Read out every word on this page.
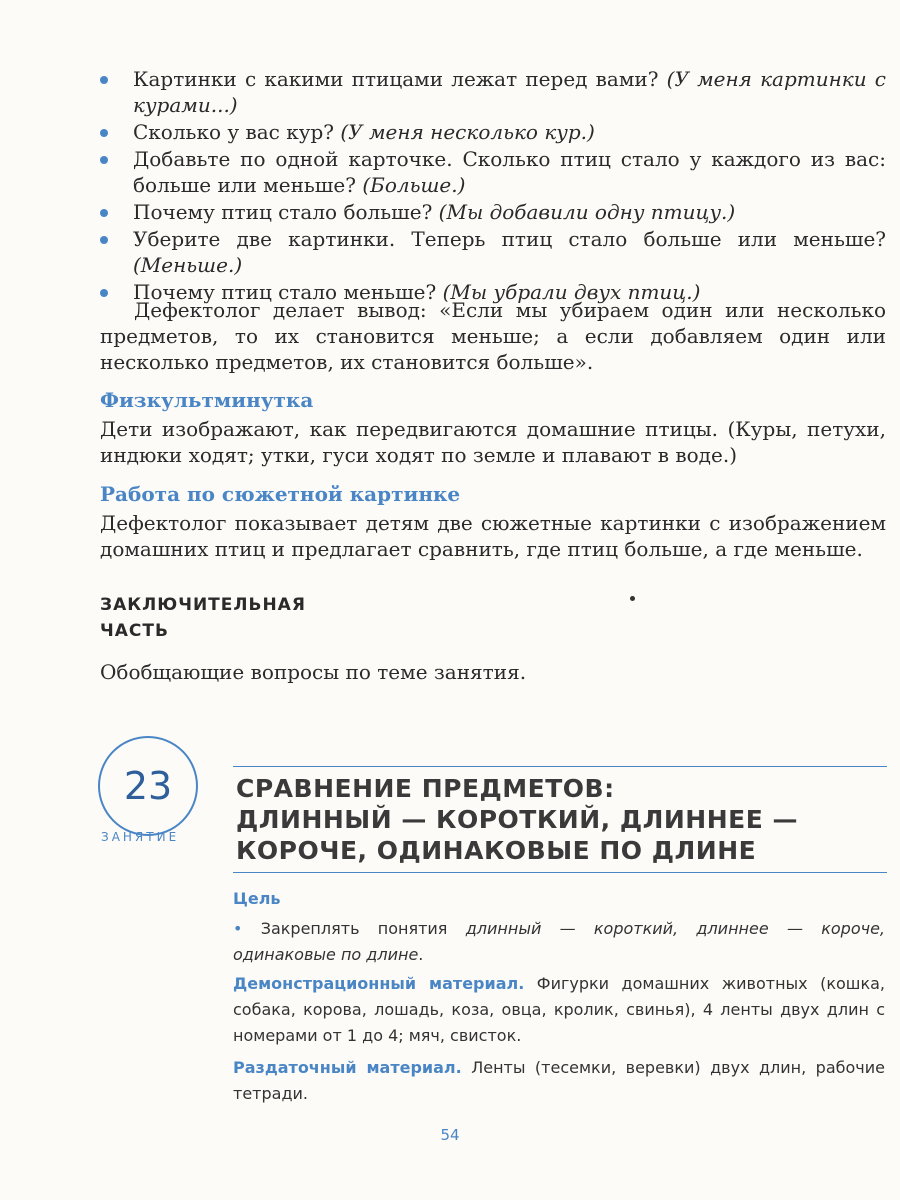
Картинки с какими птицами лежат перед вами? (У меня картинки с курами...)
Сколько у вас кур? (У меня несколько кур.)
Добавьте по одной карточке. Сколько птиц стало у каждого из вас: больше или меньше? (Больше.)
Почему птиц стало больше? (Мы добавили одну птицу.)
Уберите две картинки. Теперь птиц стало больше или меньше? (Меньше.)
Почему птиц стало меньше? (Мы убрали двух птиц.)

Дефектолог делает вывод: «Если мы убираем один или несколько предметов, то их становится меньше; а если добавляем один или несколько предметов, их становится больше».

Физкультминутка

Дети изображают, как передвигаются домашние птицы. (Куры, петухи, индюки ходят; утки, гуси ходят по земле и плавают в воде.)

Работа по сюжетной картинке

Дефектолог показывает детям две сюжетные картинки с изображением домашних птиц и предлагает сравнить, где птиц больше, а где меньше.

ЗАКЛЮЧИТЕЛЬНАЯ
ЧАСТЬ

Обобщающие вопросы по теме занятия.

23
ЗАНЯТИЕ
СРАВНЕНИЕ ПРЕДМЕТОВ:
ДЛИННЫЙ — КОРОТКИЙ, ДЛИННЕЕ —
КОРОЧЕ, ОДИНАКОВЫЕ ПО ДЛИНЕ
Цель

• Закреплять понятия длинный — короткий, длиннее — короче, одинаковые по длине.

Демонстрационный материал. Фигурки домашних животных (кошка, собака, корова, лошадь, коза, овца, кролик, свинья), 4 ленты двух длин с номерами от 1 до 4; мяч, свисток.

Раздаточный материал. Ленты (тесемки, веревки) двух длин, рабочие тетради.

54
